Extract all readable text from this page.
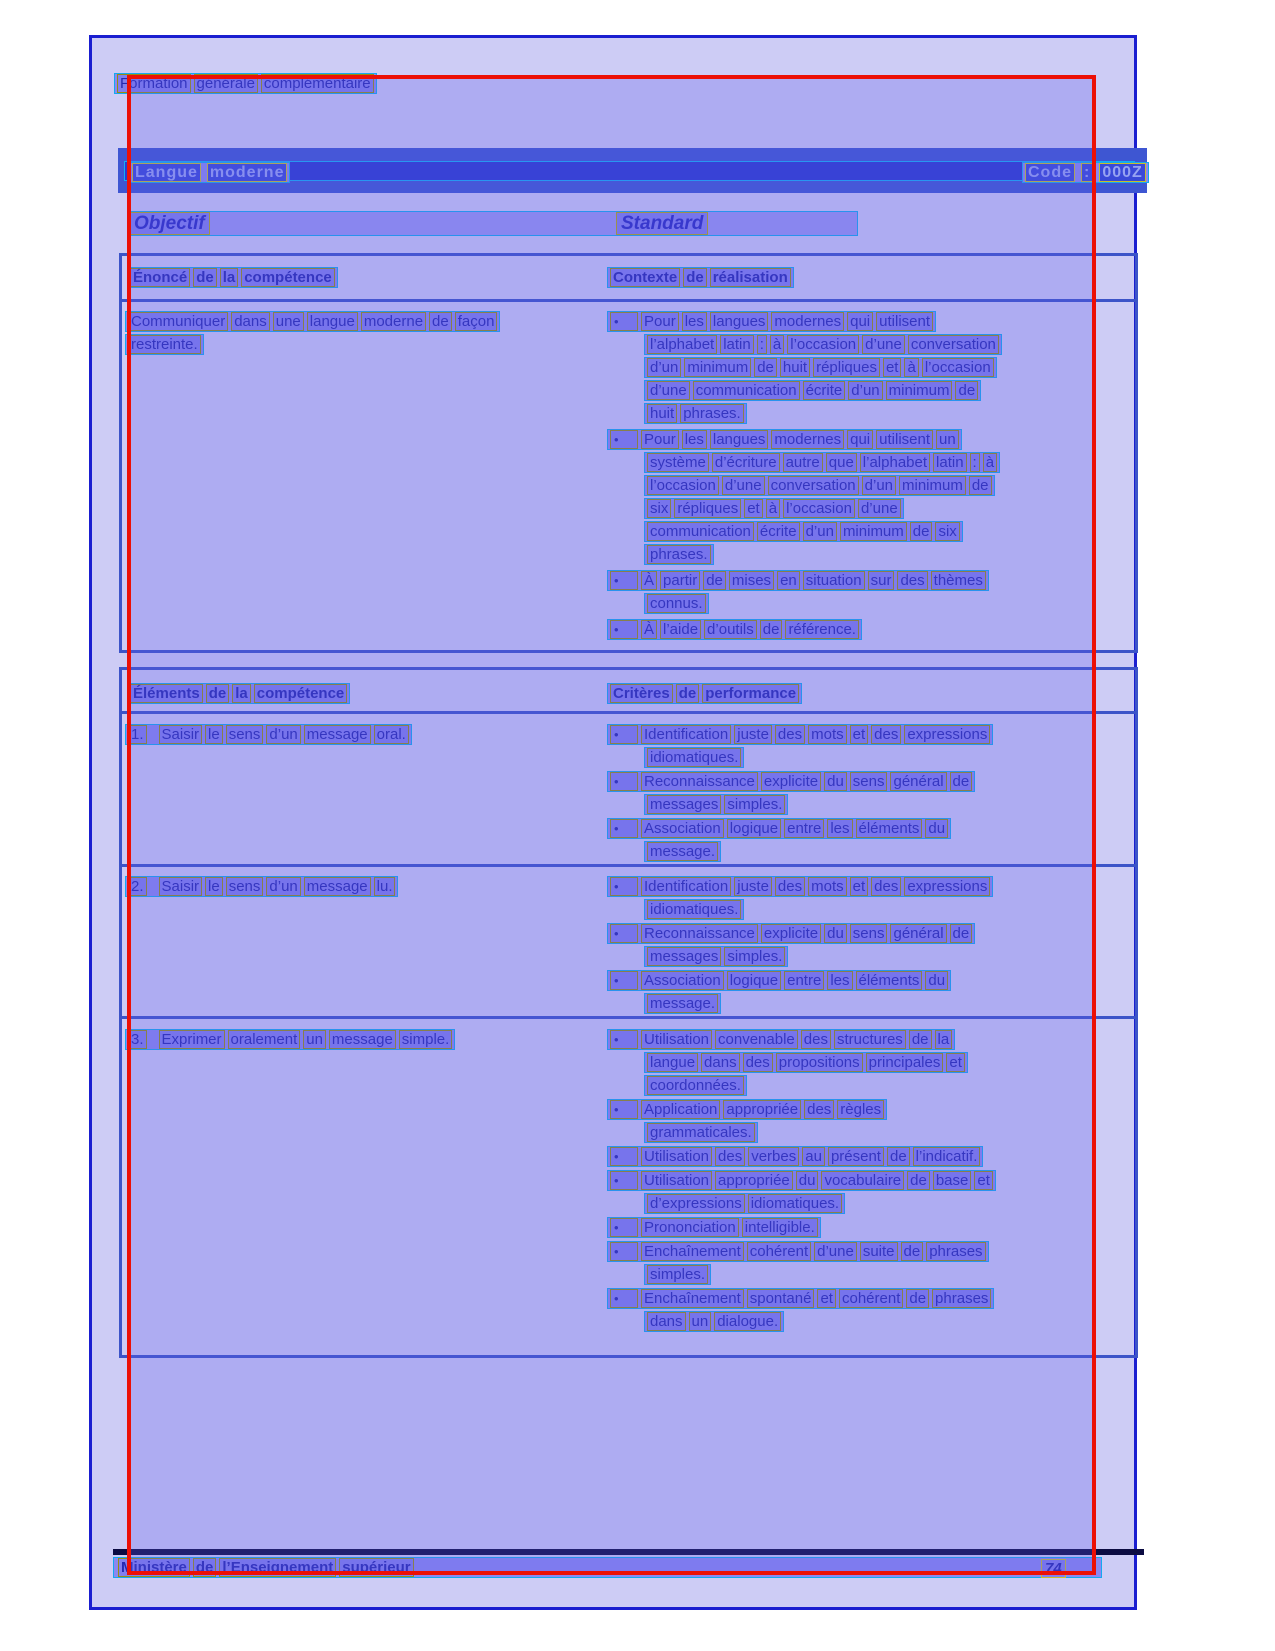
Formation générale complémentaire
Langue moderne	Code : 000Z
Objectif	Standard
Énoncé de la compétence	Contexte de réalisation
Communiquer dans une langue moderne de façon
restreinte.
•	Pour les langues modernes qui utilisent
l’alphabet latin : à l’occasion d’une conversation
d’un minimum de huit répliques et à l’occasion
d’une communication écrite d’un minimum de
huit phrases.
•	Pour les langues modernes qui utilisent un
système d’écriture autre que l’alphabet latin : à
l’occasion d’une conversation d’un minimum de
six répliques et à l’occasion d’une
communication écrite d’un minimum de six
phrases.
•	À partir de mises en situation sur des thèmes
connus.
•	À l’aide d’outils de référence.
Éléments de la compétence	Critères de performance
1. Saisir le sens d’un message oral.	•	Identification juste des mots et des expressions
idiomatiques.
•	Reconnaissance explicite du sens général de
messages simples.
•	Association logique entre les éléments du
message.
2. Saisir le sens d’un message lu.	•	Identification juste des mots et des expressions
idiomatiques.
•	Reconnaissance explicite du sens général de
messages simples.
•	Association logique entre les éléments du
message.
3. Exprimer oralement un message simple.	•	Utilisation convenable des structures de la
langue dans des propositions principales et
coordonnées.
•	Application appropriée des règles
grammaticales.
•	Utilisation des verbes au présent de l’indicatif.
•	Utilisation appropriée du vocabulaire de base et
d’expressions idiomatiques.
•	Prononciation intelligible.
•	Enchaînement cohérent d’une suite de phrases
simples.
•	Enchaînement spontané et cohérent de phrases
dans un dialogue.
Ministère de l’Enseignement supérieur	74
